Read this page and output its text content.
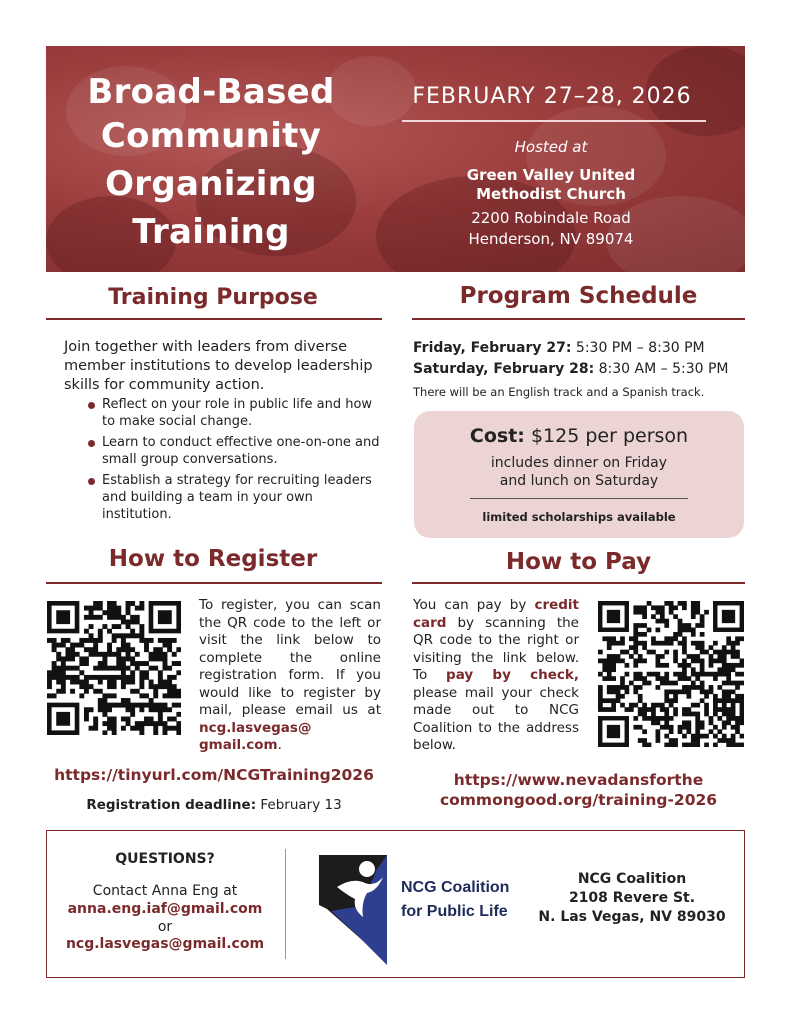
Broad-Based
Community
Organizing
Training
FEBRUARY 27–28, 2026
Hosted at
Green Valley United
Methodist Church
2200 Robindale Road
Henderson, NV 89074
Training Purpose
Join together with leaders from diverse member institutions to develop leadership skills for community action.
Reflect on your role in public life and how to make social change.
Learn to conduct effective one-on-one and small group conversations.
Establish a strategy for recruiting leaders and building a team in your own institution.
Program Schedule
Friday, February 27: 5:30 PM – 8:30 PM
Saturday, February 28: 8:30 AM – 5:30 PM
There will be an English track and a Spanish track.
Cost: $125 per person
includes dinner on Friday
and lunch on Saturday
limited scholarships available
How to Register
To register, you can scan the QR code to the left or visit the link below to complete the online registration form. If you would like to register by mail, please email us at ncg.lasvegas@
gmail.com.
https://tinyurl.com/NCGTraining2026
Registration deadline: February 13
How to Pay
You can pay by credit card by scanning the QR code to the right or visiting the link below. To pay by check, please mail your check made out to NCG Coalition to the address below.
https://www.nevadansforthe
commongood.org/training-2026
QUESTIONS?
Contact Anna Eng at
anna.eng.iaf@gmail.com
or
ncg.lasvegas@gmail.com
NCG Coalition
for Public Life
NCG Coalition
2108 Revere St.
N. Las Vegas, NV 89030
